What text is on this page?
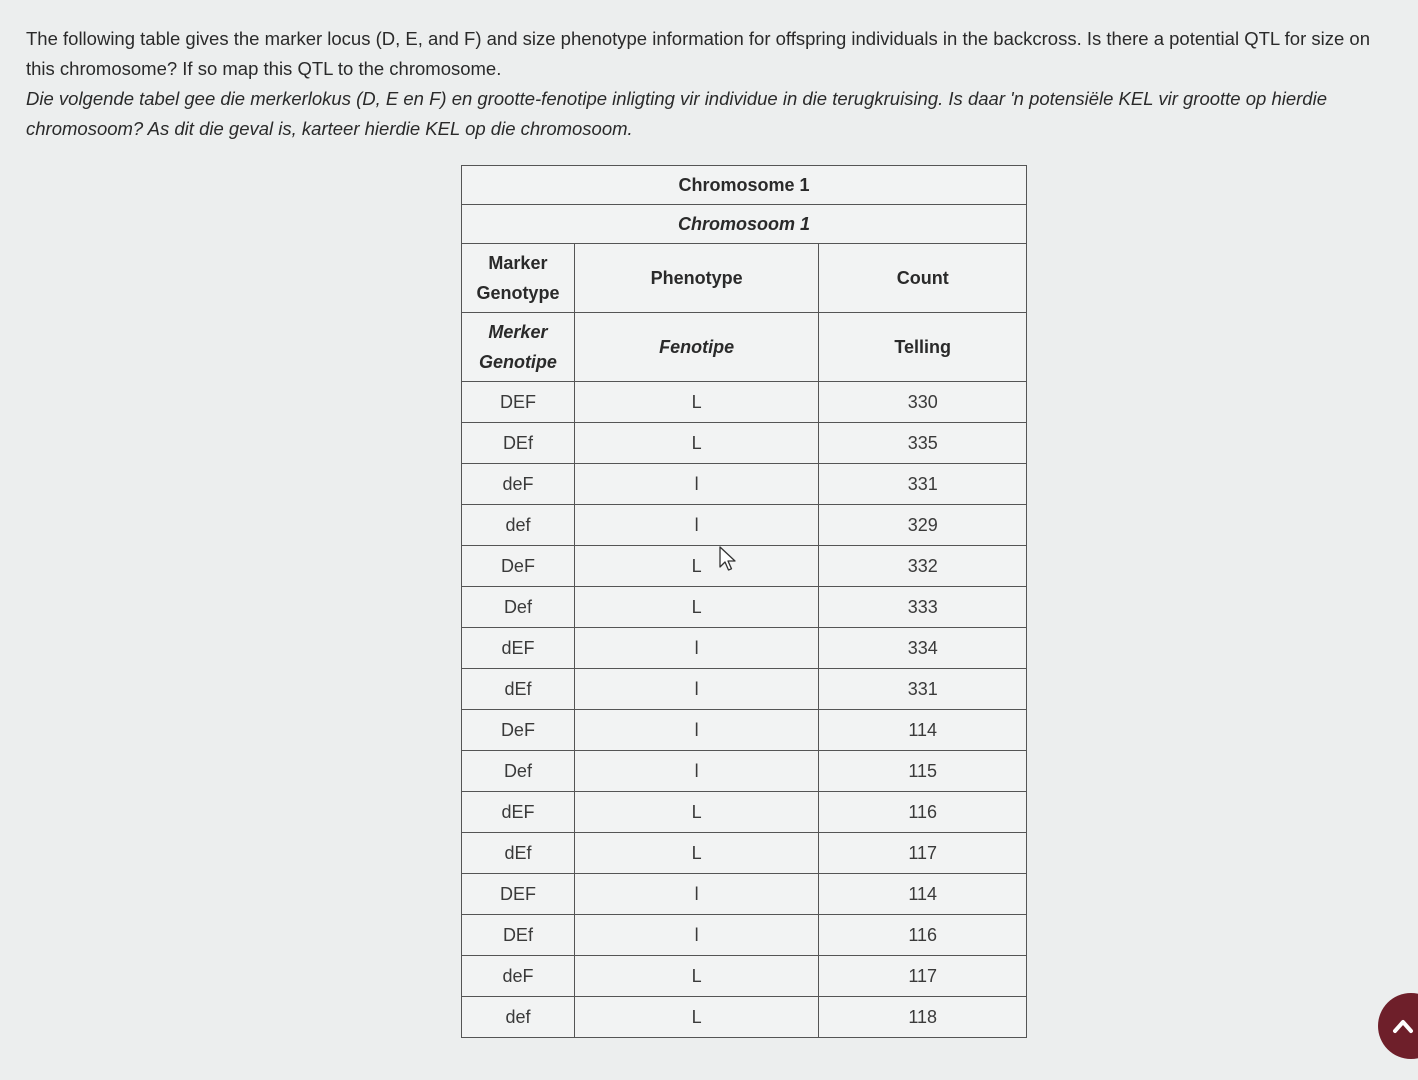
The following table gives the marker locus (D, E, and F) and size phenotype information for offspring individuals in the backcross. Is there a potential QTL for size on this chromosome? If so map this QTL to the chromosome.

Die volgende tabel gee die merkerlokus (D, E en F) en grootte-fenotipe inligting vir individue in die terugkruising. Is daar 'n potensiële KEL vir grootte op hierdie chromosoom? As dit die geval is, karteer hierdie KEL op die chromosoom.

Chromosome 1		
Chromosoom 1		
Marker
Genotype	Phenotype	Count
Merker
Genotipe	Fenotipe	Telling
DEF	L	330
DEf	L	335
deF	l	331
def	l	329
DeF	L	332
Def	L	333
dEF	l	334
dEf	l	331
DeF	l	114
Def	l	115
dEF	L	116
dEf	L	117
DEF	l	114
DEf	l	116
deF	L	117
def	L	118
